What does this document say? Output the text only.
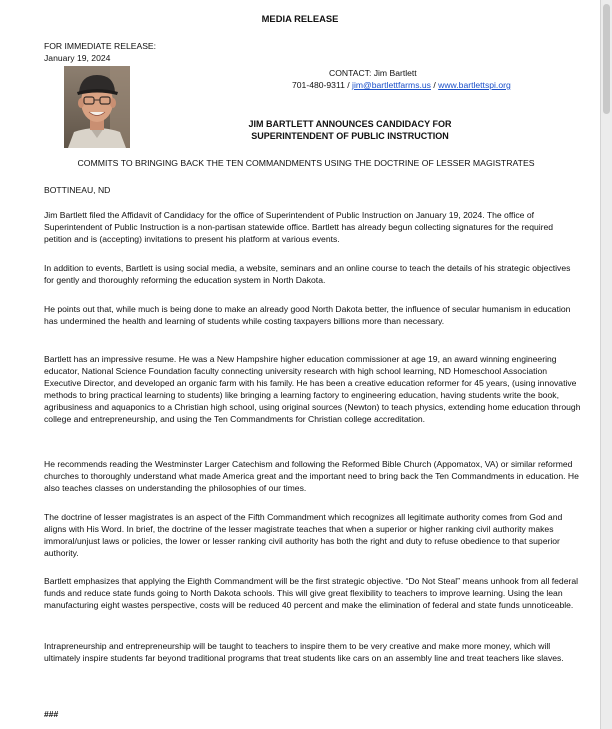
MEDIA RELEASE
FOR IMMEDIATE RELEASE:
January 19, 2024
CONTACT: Jim Bartlett
701-480-9311 / jim@bartlettfarms.us / www.bartlettspi.org
JIM BARTLETT ANNOUNCES CANDIDACY FOR
SUPERINTENDENT OF PUBLIC INSTRUCTION
COMMITS TO BRINGING BACK THE TEN COMMANDMENTS USING THE DOCTRINE OF LESSER MAGISTRATES
BOTTINEAU, ND
Jim Bartlett filed the Affidavit of Candidacy for the office of Superintendent of Public Instruction on January 19, 2024. The office of Superintendent of Public Instruction is a non-partisan statewide office. Bartlett has already begun collecting signatures for the required petition and is (accepting) invitations to present his platform at various events.
In addition to events, Bartlett is using social media, a website, seminars and an online course to teach the details of his strategic objectives for gently and thoroughly reforming the education system in North Dakota.
He points out that, while much is being done to make an already good North Dakota better, the influence of secular humanism in education has undermined the health and learning of students while costing taxpayers billions more than necessary.
Bartlett has an impressive resume. He was a New Hampshire higher education commissioner at age 19, an award winning engineering educator, National Science Foundation faculty connecting university research with high school learning, ND Homeschool Association Executive Director, and developed an organic farm with his family. He has been a creative education reformer for 45 years, (using innovative methods to bring practical learning to students) like bringing a learning factory to engineering education, having students write the book, agribusiness and aquaponics to a Christian high school, using original sources (Newton) to teach physics, extending home education through college and entrepreneurship, and using the Ten Commandments for Christian college accreditation.
He recommends reading the Westminster Larger Catechism and following the Reformed Bible Church (Appomatox, VA) or similar reformed churches to thoroughly understand what made America great and the important need to bring back the Ten Commandments in education. He also teaches classes on understanding the philosophies of our times.
The doctrine of lesser magistrates is an aspect of the Fifth Commandment which recognizes all legitimate authority comes from God and aligns with His Word. In brief, the doctrine of the lesser magistrate teaches that when a superior or higher ranking civil authority makes immoral/unjust laws or policies, the lower or lesser ranking civil authority has both the right and duty to refuse obedience to that superior authority.
Bartlett emphasizes that applying the Eighth Commandment will be the first strategic objective. “Do Not Steal” means unhook from all federal funds and reduce state funds going to North Dakota schools. This will give great flexibility to teachers to improve learning. Using the lean manufacturing eight wastes perspective, costs will be reduced 40 percent and make the elimination of federal and state funds unnoticeable.
Intrapreneurship and entrepreneurship will be taught to teachers to inspire them to be very creative and make more money, which will ultimately inspire students far beyond traditional programs that treat students like cars on an assembly line and treat teachers like slaves.
###
